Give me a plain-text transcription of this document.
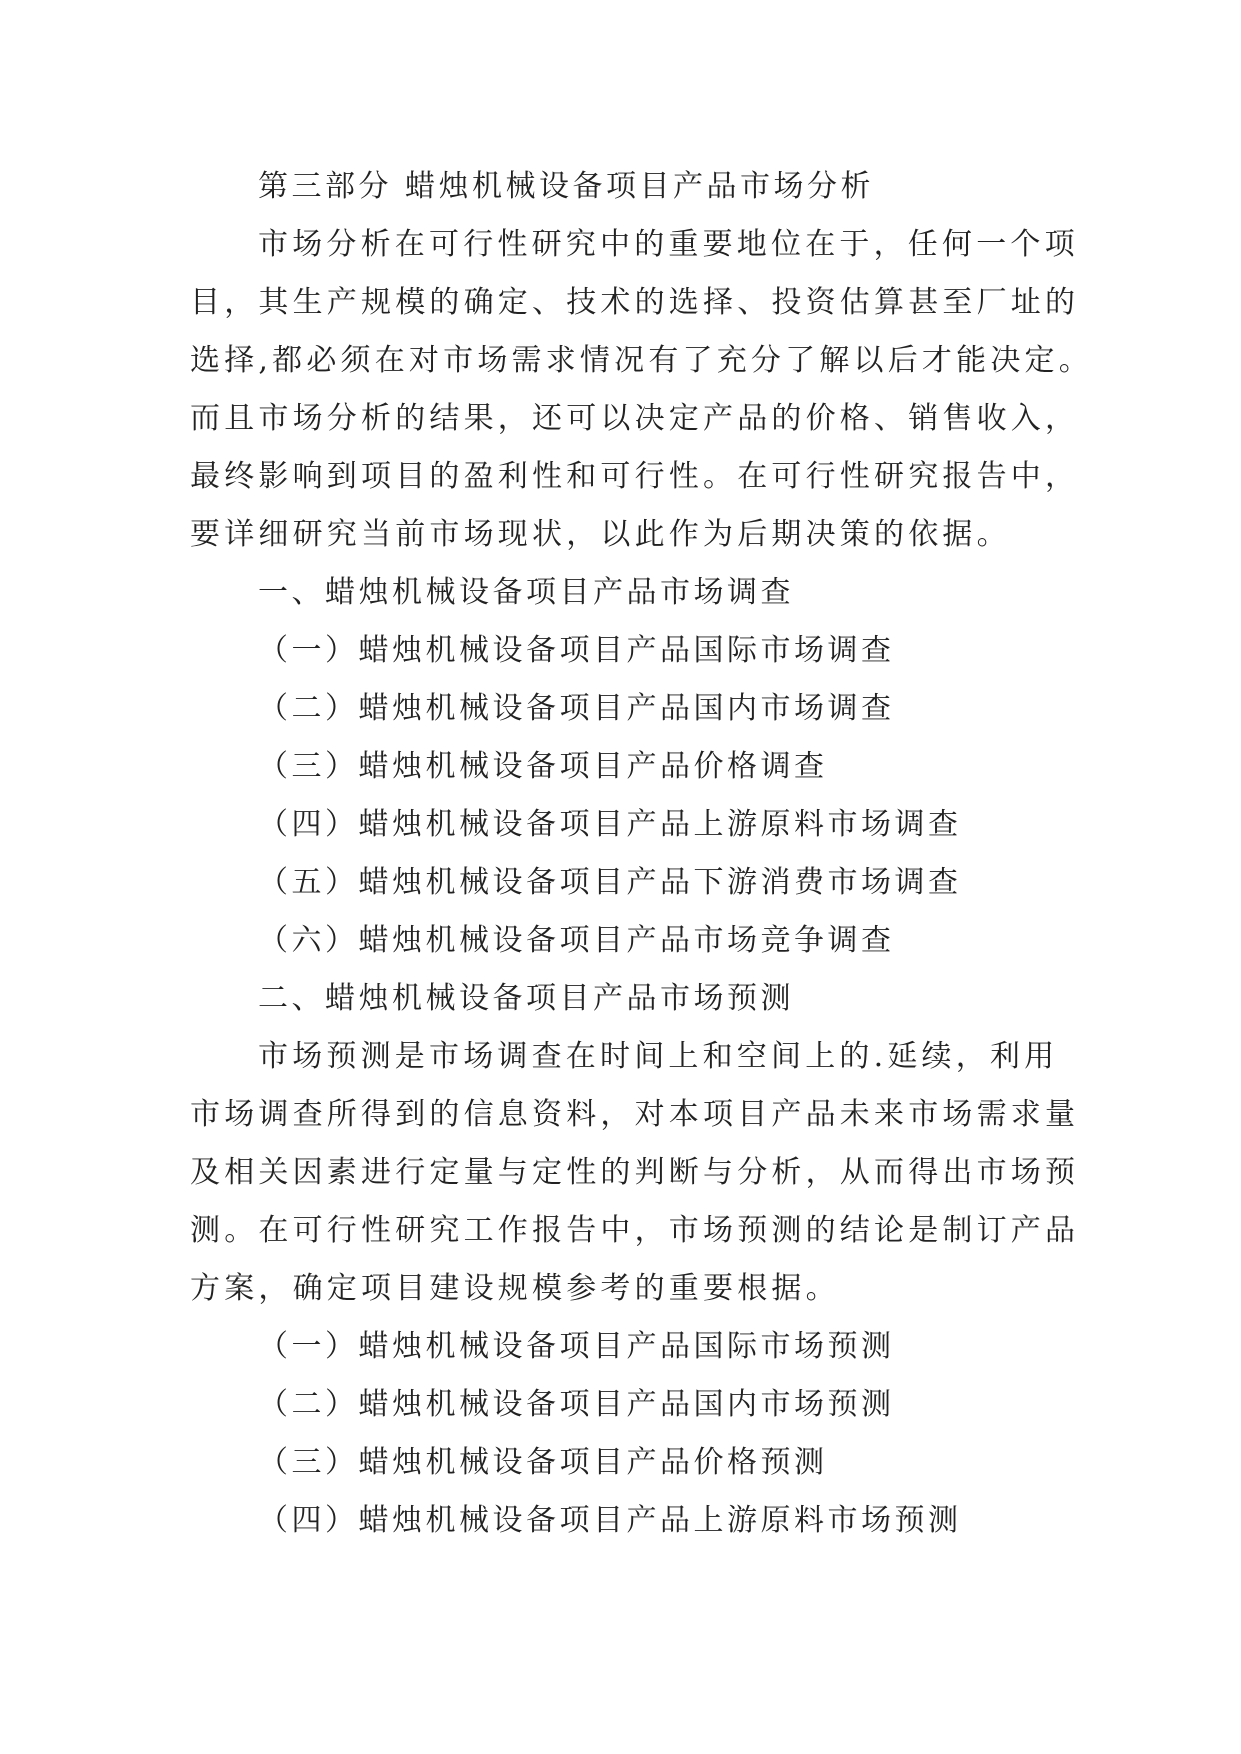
第三部分 蜡烛机械设备项目产品市场分析
市场分析在可行性研究中的重要地位在于，任何一个项
目，其生产规模的确定、技术的选择、投资估算甚至厂址的
选择,都必须在对市场需求情况有了充分了解以后才能决定。
而且市场分析的结果，还可以决定产品的价格、销售收入，
最终影响到项目的盈利性和可行性。在可行性研究报告中，
要详细研究当前市场现状，以此作为后期决策的依据。
一、蜡烛机械设备项目产品市场调查
（一）蜡烛机械设备项目产品国际市场调查
（二）蜡烛机械设备项目产品国内市场调查
（三）蜡烛机械设备项目产品价格调查
（四）蜡烛机械设备项目产品上游原料市场调查
（五）蜡烛机械设备项目产品下游消费市场调查
（六）蜡烛机械设备项目产品市场竞争调查
二、蜡烛机械设备项目产品市场预测
市场预测是市场调查在时间上和空间上的.延续，利用
市场调查所得到的信息资料，对本项目产品未来市场需求量
及相关因素进行定量与定性的判断与分析，从而得出市场预
测。在可行性研究工作报告中，市场预测的结论是制订产品
方案，确定项目建设规模参考的重要根据。
（一）蜡烛机械设备项目产品国际市场预测
（二）蜡烛机械设备项目产品国内市场预测
（三）蜡烛机械设备项目产品价格预测
（四）蜡烛机械设备项目产品上游原料市场预测
